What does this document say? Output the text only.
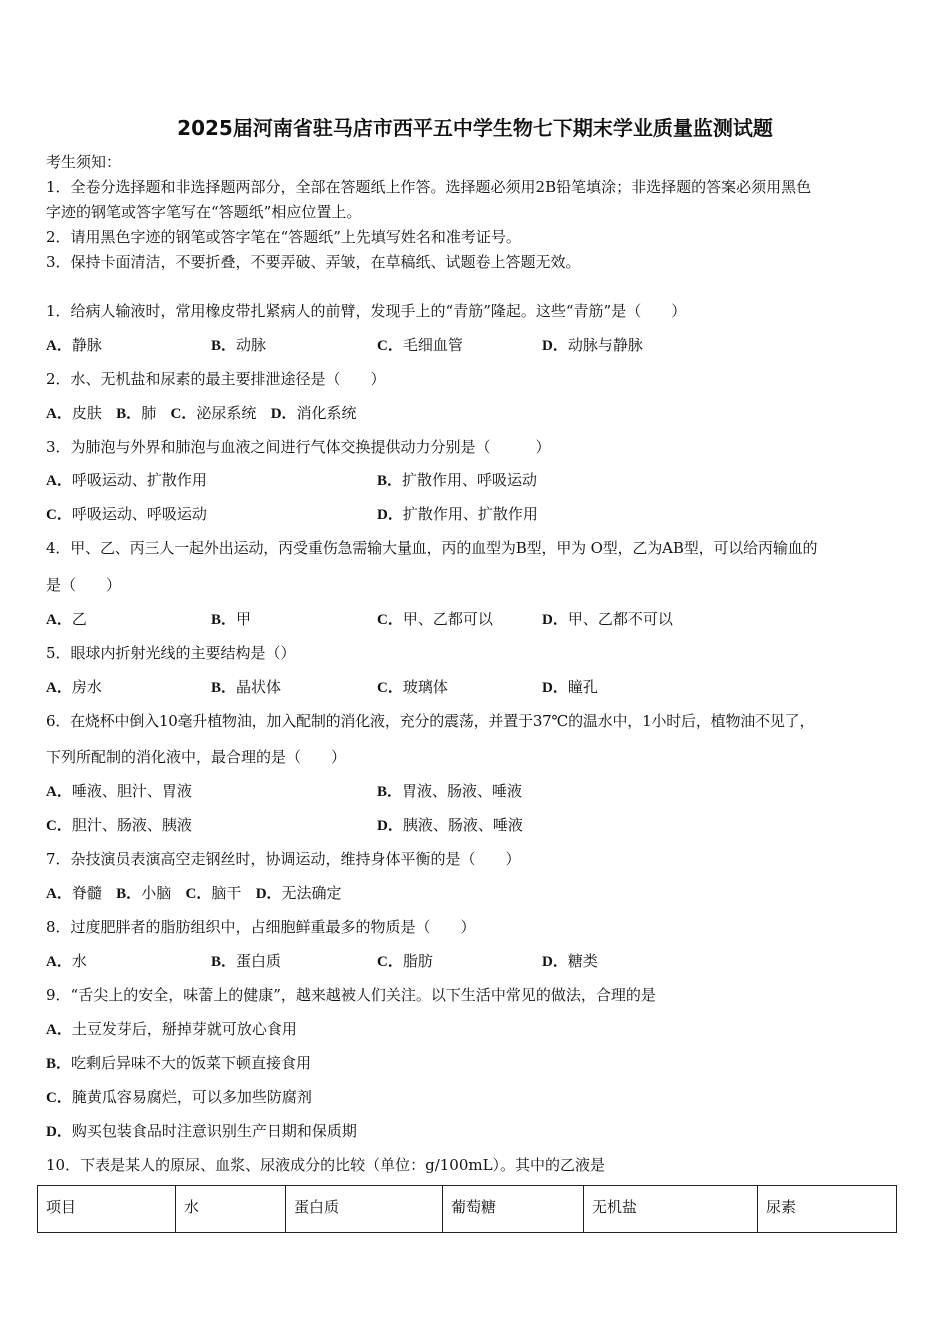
2025届河南省驻马店市西平五中学生物七下期末学业质量监测试题
考生须知：
1．全卷分选择题和非选择题两部分，全部在答题纸上作答。选择题必须用2B铅笔填涂；非选择题的答案必须用黑色
字迹的钢笔或答字笔写在“答题纸”相应位置上。
2．请用黑色字迹的钢笔或答字笔在“答题纸”上先填写姓名和准考证号。
3．保持卡面清洁，不要折叠，不要弄破、弄皱，在草稿纸、试题卷上答题无效。
1．给病人输液时，常用橡皮带扎紧病人的前臂，发现手上的“青筋”隆起。这些“青筋”是（　　）
A．静脉	B．动脉	C．毛细血管	D．动脉与静脉
2．水、无机盐和尿素的最主要排泄途径是（　　）
A．皮肤 B．肺 C．泌尿系统 D．消化系统
3．为肺泡与外界和肺泡与血液之间进行气体交换提供动力分别是（　　　）
A．呼吸运动、扩散作用	B．扩散作用、呼吸运动
C．呼吸运动、呼吸运动	D．扩散作用、扩散作用
4．甲、乙、丙三人一起外出运动，丙受重伤急需输大量血，丙的血型为B型，甲为 O型，乙为AB型，可以给丙输血的
是（　　）
A．乙	B．甲	C．甲、乙都可以	D．甲、乙都不可以
5．眼球内折射光线的主要结构是（）
A．房水	B．晶状体	C．玻璃体	D．瞳孔
6．在烧杯中倒入10毫升植物油，加入配制的消化液，充分的震荡，并置于37℃的温水中，1小时后，植物油不见了，
下列所配制的消化液中，最合理的是（　　）
A．唾液、胆汁、胃液	B．胃液、肠液、唾液
C．胆汁、肠液、胰液	D．胰液、肠液、唾液
7．杂技演员表演高空走钢丝时，协调运动，维持身体平衡的是（　　）
A．脊髓 B．小脑 C．脑干 D．无法确定
8．过度肥胖者的脂肪组织中，占细胞鲜重最多的物质是（　　）
A．水	B．蛋白质	C．脂肪	D．糖类
9．“舌尖上的安全，味蕾上的健康”，越来越被人们关注。以下生活中常见的做法，合理的是
A．土豆发芽后，掰掉芽就可放心食用
B．吃剩后异味不大的饭菜下顿直接食用
C．腌黄瓜容易腐烂，可以多加些防腐剂
D．购买包装食品时注意识别生产日期和保质期
10．下表是某人的原尿、血浆、尿液成分的比较（单位：g/100mL）。其中的乙液是
项目	水	蛋白质	葡萄糖	无机盐	尿素
